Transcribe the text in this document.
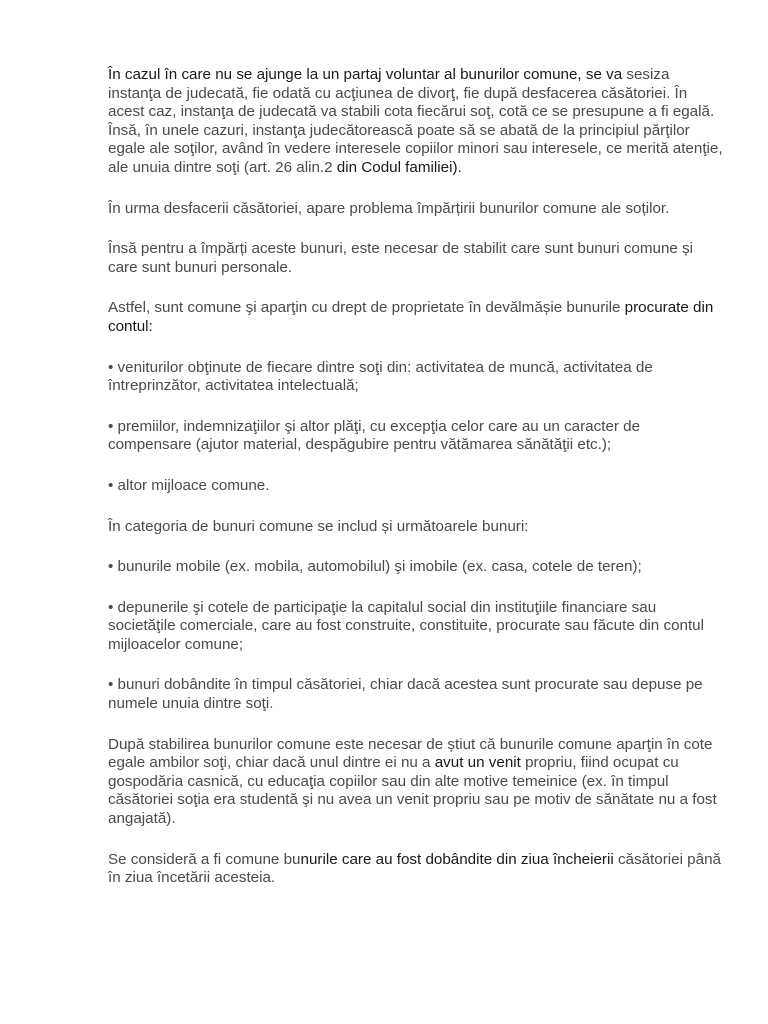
În cazul în care nu se ajunge la un partaj voluntar al bunurilor comune, se va sesiza instanţa de judecată, fie odată cu acţiunea de divorţ, fie după desfacerea căsătoriei. În acest caz, instanţa de judecată va stabili cota fiecărui soţ, cotă ce se presupune a fi egală. Însă, în unele cazuri, instanţa judecătorească poate să se abată de la principiul părţilor egale ale soţilor, având în vedere interesele copiilor minori sau interesele, ce merită atenţie, ale unuia dintre soţi (art. 26 alin.2 din Codul familiei).

În urma desfacerii căsătoriei, apare problema împărțirii bunurilor comune ale soților.

Însă pentru a împărți aceste bunuri, este necesar de stabilit care sunt bunuri comune și care sunt bunuri personale.

Astfel, sunt comune şi aparţin cu drept de proprietate în devălmășie bunurile procurate din contul:

• veniturilor obţinute de fiecare dintre soţi din: activitatea de muncă, activitatea de întreprinzător, activitatea intelectuală;

• premiilor, indemnizaţiilor şi altor plăţi, cu excepţia celor care au un caracter de compensare (ajutor material, despăgubire pentru vătămarea sănătăţii etc.);

• altor mijloace comune.

În categoria de bunuri comune se includ și următoarele bunuri:

• bunurile mobile (ex. mobila, automobilul) şi imobile (ex. casa, cotele de teren);

• depunerile şi cotele de participaţie la capitalul social din instituţiile financiare sau societăţile comerciale, care au fost construite, constituite, procurate sau făcute din contul mijloacelor comune;

• bunuri dobândite în timpul căsătoriei, chiar dacă acestea sunt procurate sau depuse pe numele unuia dintre soţi.

După stabilirea bunurilor comune este necesar de știut că bunurile comune aparţin în cote egale ambilor soţi, chiar dacă unul dintre ei nu a avut un venit propriu, fiind ocupat cu gospodăria casnică, cu educaţia copiilor sau din alte motive temeinice (ex. în timpul căsătoriei soţia era studentă şi nu avea un venit propriu sau pe motiv de sănătate nu a fost angajată).

Se consideră a fi comune bunurile care au fost dobândite din ziua încheierii căsătoriei până în ziua încetării acesteia.
